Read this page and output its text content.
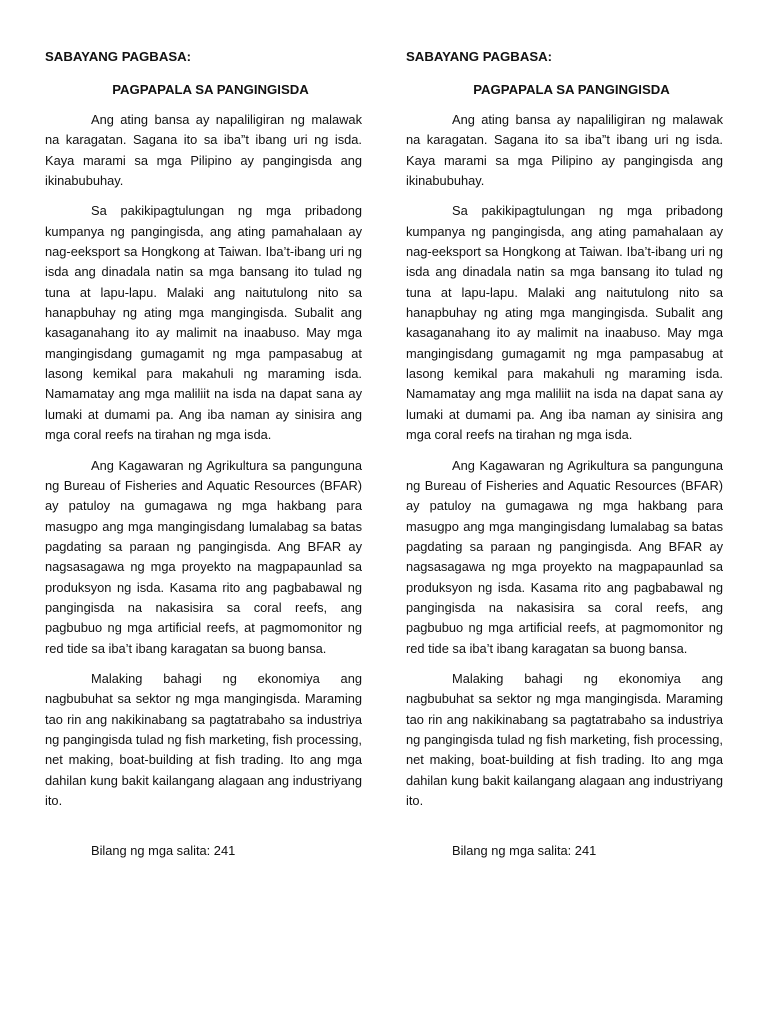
SABAYANG PAGBASA:

PAGPAPALA SA PANGINGISDA

Ang ating bansa ay napaliligiran ng malawak na karagatan. Sagana ito sa iba”t ibang uri ng isda. Kaya marami sa mga Pilipino ay pangingisda ang ikinabubuhay.

Sa pakikipagtulungan ng mga pribadong kumpanya ng pangingisda, ang ating pamahalaan ay nag-eeksport sa Hongkong at Taiwan. Iba’t-ibang uri ng isda ang dinadala natin sa mga bansang ito tulad ng tuna at lapu-lapu. Malaki ang naitutulong nito sa hanapbuhay ng ating mga mangingisda. Subalit ang kasaganahang ito ay malimit na inaabuso. May mga mangingisdang gumagamit ng mga pampasabug at lasong kemikal para makahuli ng maraming isda. Namamatay ang mga maliliit na isda na dapat sana ay lumaki at dumami pa. Ang iba naman ay sinisira ang mga coral reefs na tirahan ng mga isda.

Ang Kagawaran ng Agrikultura sa pangunguna ng Bureau of Fisheries and Aquatic Resources (BFAR) ay patuloy na gumagawa ng mga hakbang para masugpo ang mga mangingisdang lumalabag sa batas pagdating sa paraan ng pangingisda. Ang BFAR ay nagsasagawa ng mga proyekto na magpapaunlad sa produksyon ng isda. Kasama rito ang pagbabawal ng pangingisda na nakasisira sa coral reefs, ang pagbubuo ng mga artificial reefs, at pagmomonitor ng red tide sa iba’t ibang karagatan sa buong bansa.

Malaking bahagi ng ekonomiya ang nagbubuhat sa sektor ng mga mangingisda. Maraming tao rin ang nakikinabang sa pagtatrabaho sa industriya ng pangingisda tulad ng fish marketing, fish processing, net making, boat-building at fish trading. Ito ang mga dahilan kung bakit kailangang alagaan ang industriyang ito.

Bilang ng mga salita: 241

SABAYANG PAGBASA:

PAGPAPALA SA PANGINGISDA

Ang ating bansa ay napaliligiran ng malawak na karagatan. Sagana ito sa iba”t ibang uri ng isda. Kaya marami sa mga Pilipino ay pangingisda ang ikinabubuhay.

Sa pakikipagtulungan ng mga pribadong kumpanya ng pangingisda, ang ating pamahalaan ay nag-eeksport sa Hongkong at Taiwan. Iba’t-ibang uri ng isda ang dinadala natin sa mga bansang ito tulad ng tuna at lapu-lapu. Malaki ang naitutulong nito sa hanapbuhay ng ating mga mangingisda. Subalit ang kasaganahang ito ay malimit na inaabuso. May mga mangingisdang gumagamit ng mga pampasabug at lasong kemikal para makahuli ng maraming isda. Namamatay ang mga maliliit na isda na dapat sana ay lumaki at dumami pa. Ang iba naman ay sinisira ang mga coral reefs na tirahan ng mga isda.

Ang Kagawaran ng Agrikultura sa pangunguna ng Bureau of Fisheries and Aquatic Resources (BFAR) ay patuloy na gumagawa ng mga hakbang para masugpo ang mga mangingisdang lumalabag sa batas pagdating sa paraan ng pangingisda. Ang BFAR ay nagsasagawa ng mga proyekto na magpapaunlad sa produksyon ng isda. Kasama rito ang pagbabawal ng pangingisda na nakasisira sa coral reefs, ang pagbubuo ng mga artificial reefs, at pagmomonitor ng red tide sa iba’t ibang karagatan sa buong bansa.

Malaking bahagi ng ekonomiya ang nagbubuhat sa sektor ng mga mangingisda. Maraming tao rin ang nakikinabang sa pagtatrabaho sa industriya ng pangingisda tulad ng fish marketing, fish processing, net making, boat-building at fish trading. Ito ang mga dahilan kung bakit kailangang alagaan ang industriyang ito.

Bilang ng mga salita: 241
